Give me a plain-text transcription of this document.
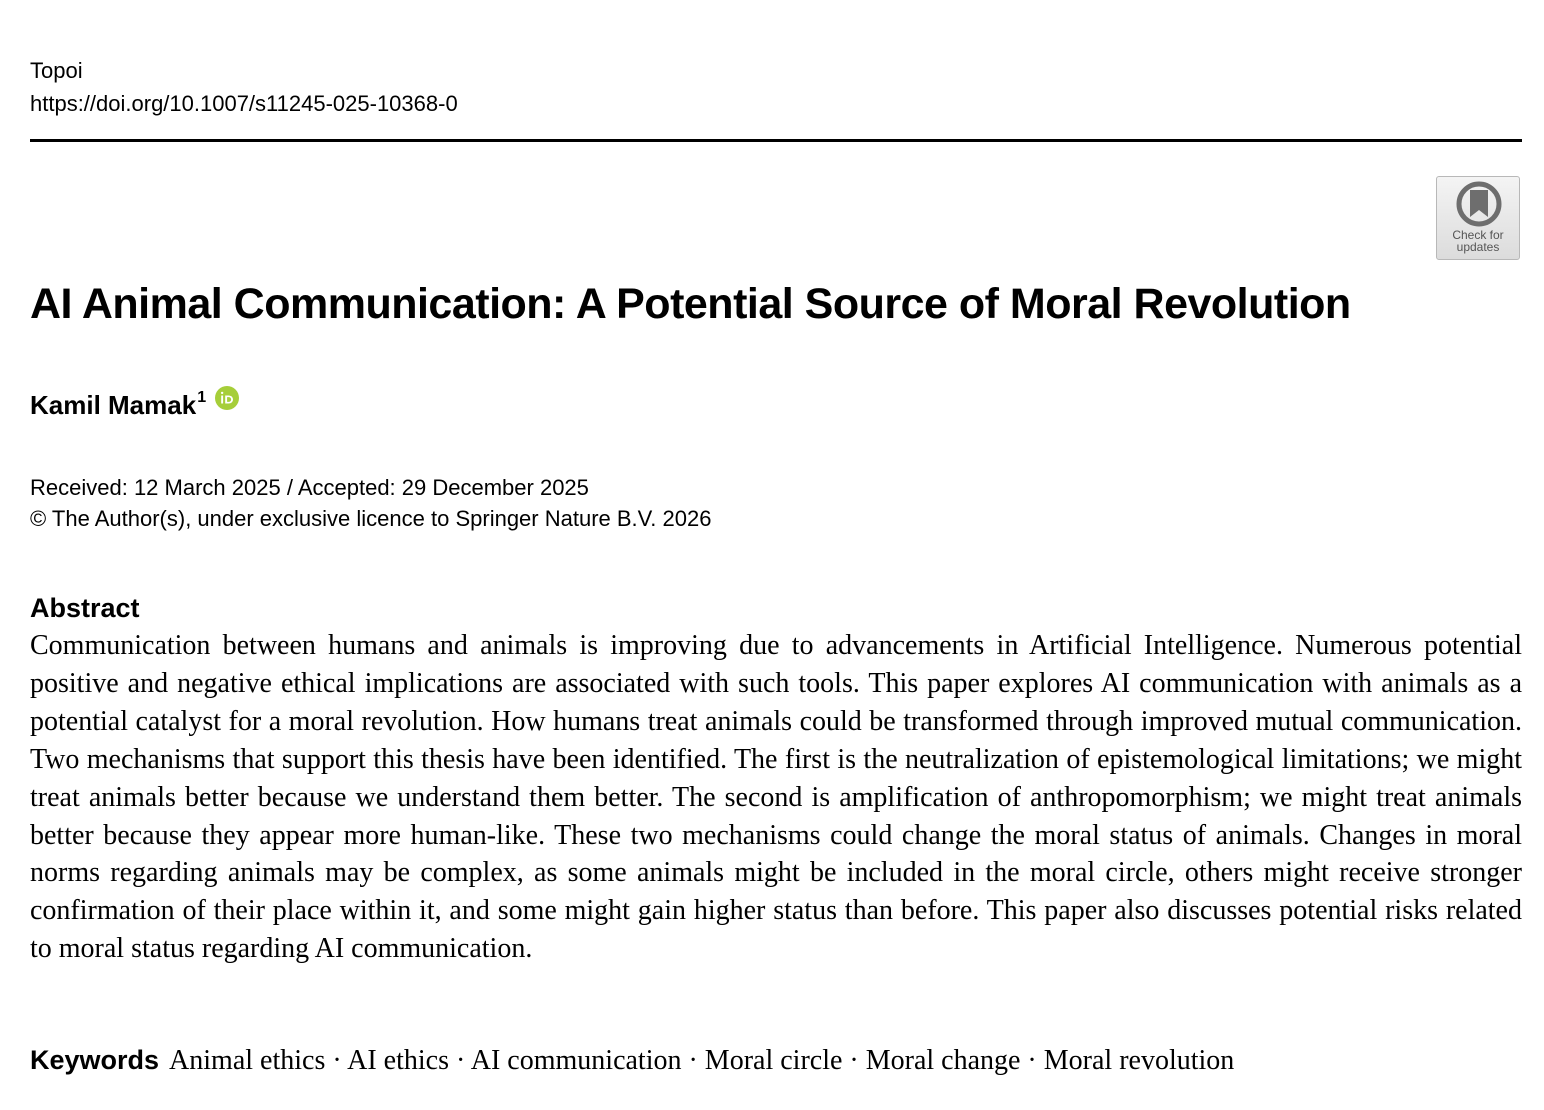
Topoi
https://doi.org/10.1007/s11245-025-10368-0
Check for updates
AI Animal Communication: A Potential Source of Moral Revolution
Kamil Mamak$^1$
Received: 12 March 2025 / Accepted: 29 December 2025
© The Author(s), under exclusive licence to Springer Nature B.V. 2026
Abstract
Communication between humans and animals is improving due to advancements in Artificial Intelligence. Numerous potential positive and negative ethical implications are associated with such tools. This paper explores AI communication with animals as a potential catalyst for a moral revolution. How humans treat animals could be transformed through improved mutual communication. Two mechanisms that support this thesis have been identified. The first is the neutralization of epistemological limitations; we might treat animals better because we understand them better. The second is amplification of anthropomorphism; we might treat animals better because they appear more human-like. These two mechanisms could change the moral status of animals. Changes in moral norms regarding animals may be complex, as some animals might be included in the moral circle, others might receive stronger confirmation of their place within it, and some might gain higher status than before. This paper also discusses potential risks related to moral status regarding AI communication.
Keywords Animal ethics · AI ethics · AI communication · Moral circle · Moral change · Moral revolution
